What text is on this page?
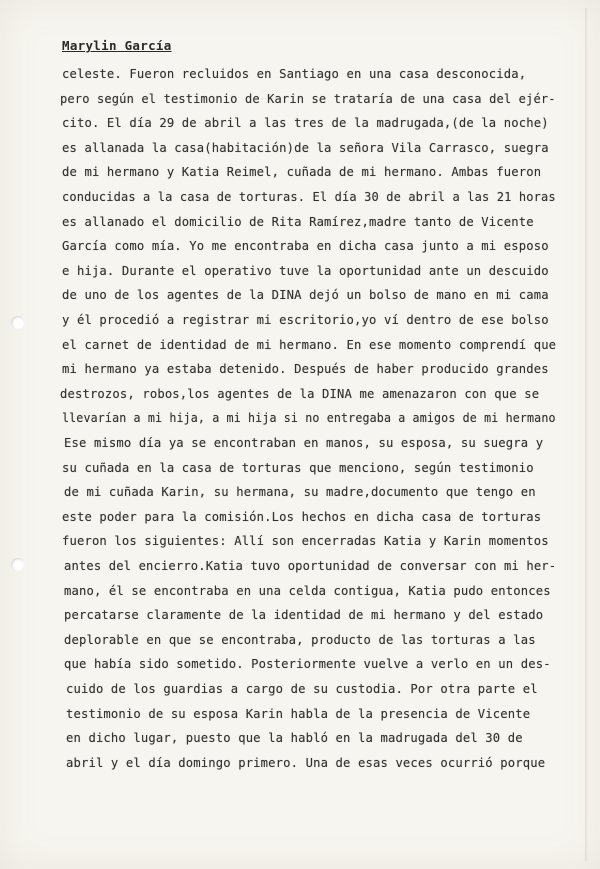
Marylin García
celeste. Fueron recluidos en Santiago en una casa desconocida,
pero según el testimonio de Karin se trataría de una casa del ejér-
cito. El día 29 de abril a las tres de la madrugada,(de la noche)
es allanada la casa(habitación)de la señora Vila Carrasco, suegra
de mi hermano y Katia Reimel, cuñada de mi hermano. Ambas fueron
conducidas a la casa de torturas. El día 30 de abril a las 21 horas
es allanado el domicilio de Rita Ramírez,madre tanto de Vicente
García como mía. Yo me encontraba en dicha casa junto a mi esposo
e hija. Durante el operativo tuve la oportunidad ante un descuido
de uno de los agentes de la DINA dejó un bolso de mano en mi cama
y él procedió a registrar mi escritorio,yo ví dentro de ese bolso
el carnet de identidad de mi hermano. En ese momento comprendí que
mi hermano ya estaba detenido. Después de haber producido grandes
destrozos, robos,los agentes de la DINA me amenazaron con que se
llevarían a mi hija, a mi hija si no entregaba a amigos de mi hermano
Ese mismo día ya se encontraban en manos, su esposa, su suegra y
su cuñada en la casa de torturas que menciono, según testimonio
de mi cuñada Karin, su hermana, su madre,documento que tengo en
este poder para la comisión.Los hechos en dicha casa de torturas
fueron los siguientes: Allí son encerradas Katia y Karin momentos
antes del encierro.Katia tuvo oportunidad de conversar con mi her-
mano, él se encontraba en una celda contigua, Katia pudo entonces
percatarse claramente de la identidad de mi hermano y del estado
deplorable en que se encontraba, producto de las torturas a las
que había sido sometido. Posteriormente vuelve a verlo en un des-
cuido de los guardias a cargo de su custodia. Por otra parte el
testimonio de su esposa Karin habla de la presencia de Vicente
en dicho lugar, puesto que la habló en la madrugada del 30 de
abril y el día domingo primero. Una de esas veces ocurrió porque
